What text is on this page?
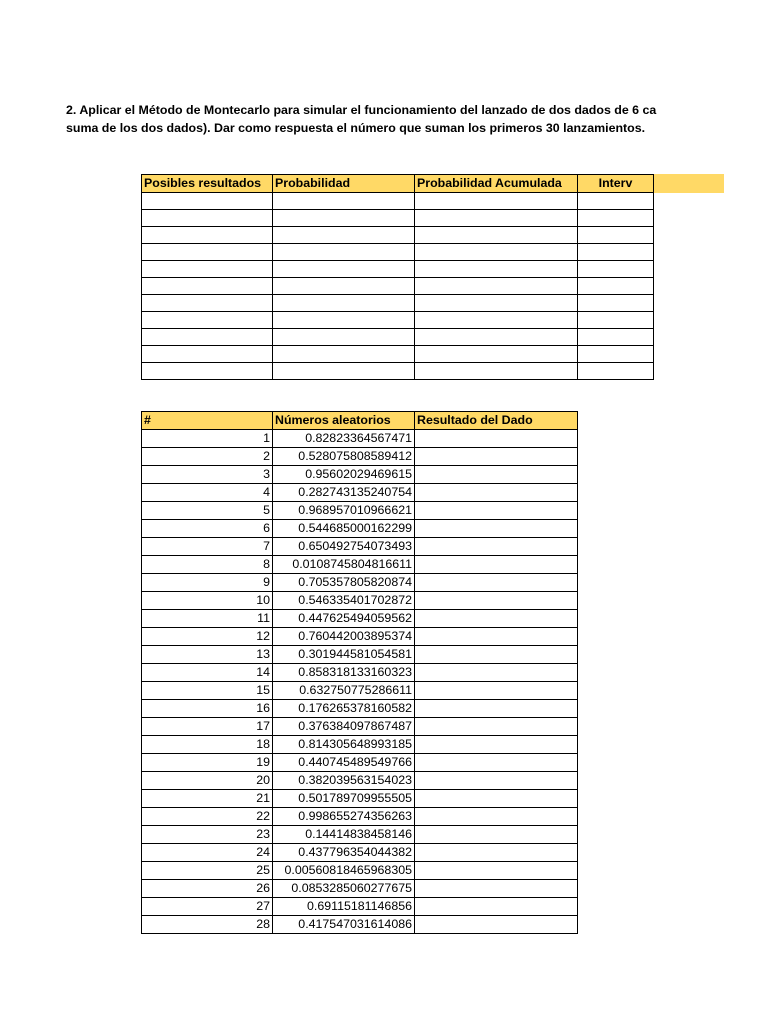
2. Aplicar el Método de Montecarlo para simular el funcionamiento del lanzado de dos dados de 6 ca
suma de los dos dados). Dar como respuesta el número que suman los primeros 30 lanzamientos.
Posibles resultados	Probabilidad	Probabilidad Acumulada	Interv

#	Números aleatorios	Resultado del Dado
1	0.82823364567471	
2	0.528075808589412	
3	0.95602029469615	
4	0.282743135240754	
5	0.968957010966621	
6	0.544685000162299	
7	0.650492754073493	
8	0.0108745804816611	
9	0.705357805820874	
10	0.546335401702872	
11	0.447625494059562	
12	0.760442003895374	
13	0.301944581054581	
14	0.858318133160323	
15	0.632750775286611	
16	0.176265378160582	
17	0.376384097867487	
18	0.814305648993185	
19	0.440745489549766	
20	0.382039563154023	
21	0.501789709955505	
22	0.998655274356263	
23	0.14414838458146	
24	0.437796354044382	
25	0.00560818465968305	
26	0.0853285060277675	
27	0.69115181146856	
28	0.417547031614086	
